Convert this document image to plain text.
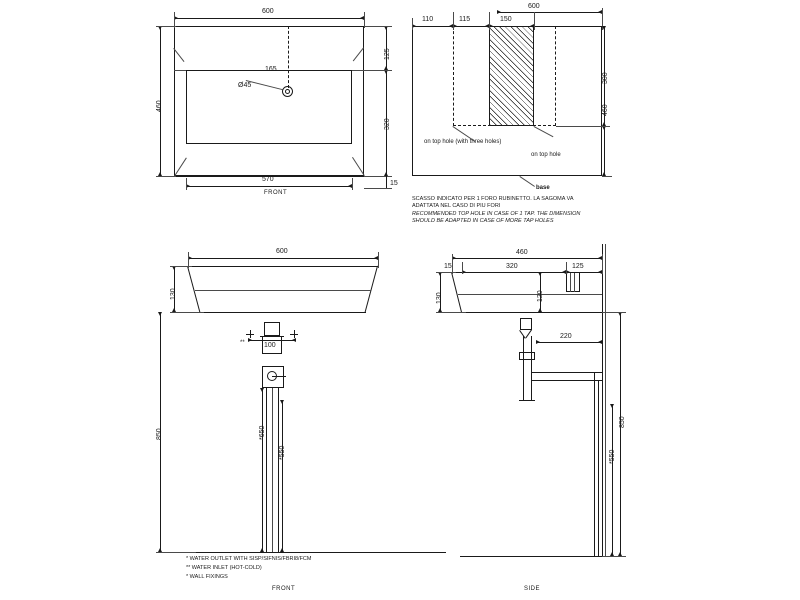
Ø45
165
600
460
570
FRONT
125
320
15
on top hole (with three holes)
on top hole
base
600
110	115	150
300
460
SCASSO INDICATO PER 1 FORO RUBINETTO. LA SAGOMA VA
ADATTATA NEL CASO DI PIU FORI
RECOMMENDED TOP HOLE IN CASE OF 1 TAP. THE DIMENSION
SHOULD BE ADAPTED IN CASE OF MORE TAP HOLES
600
130
850
100
**
*650
*550
* WATER OUTLET WITH SISP/SIFNIS/FBRI8/FCM
** WATER INLET (HOT-COLD)
* WALL FIXINGS
FRONT
460
15	320	125
130	120
220
850
*550
SIDE
